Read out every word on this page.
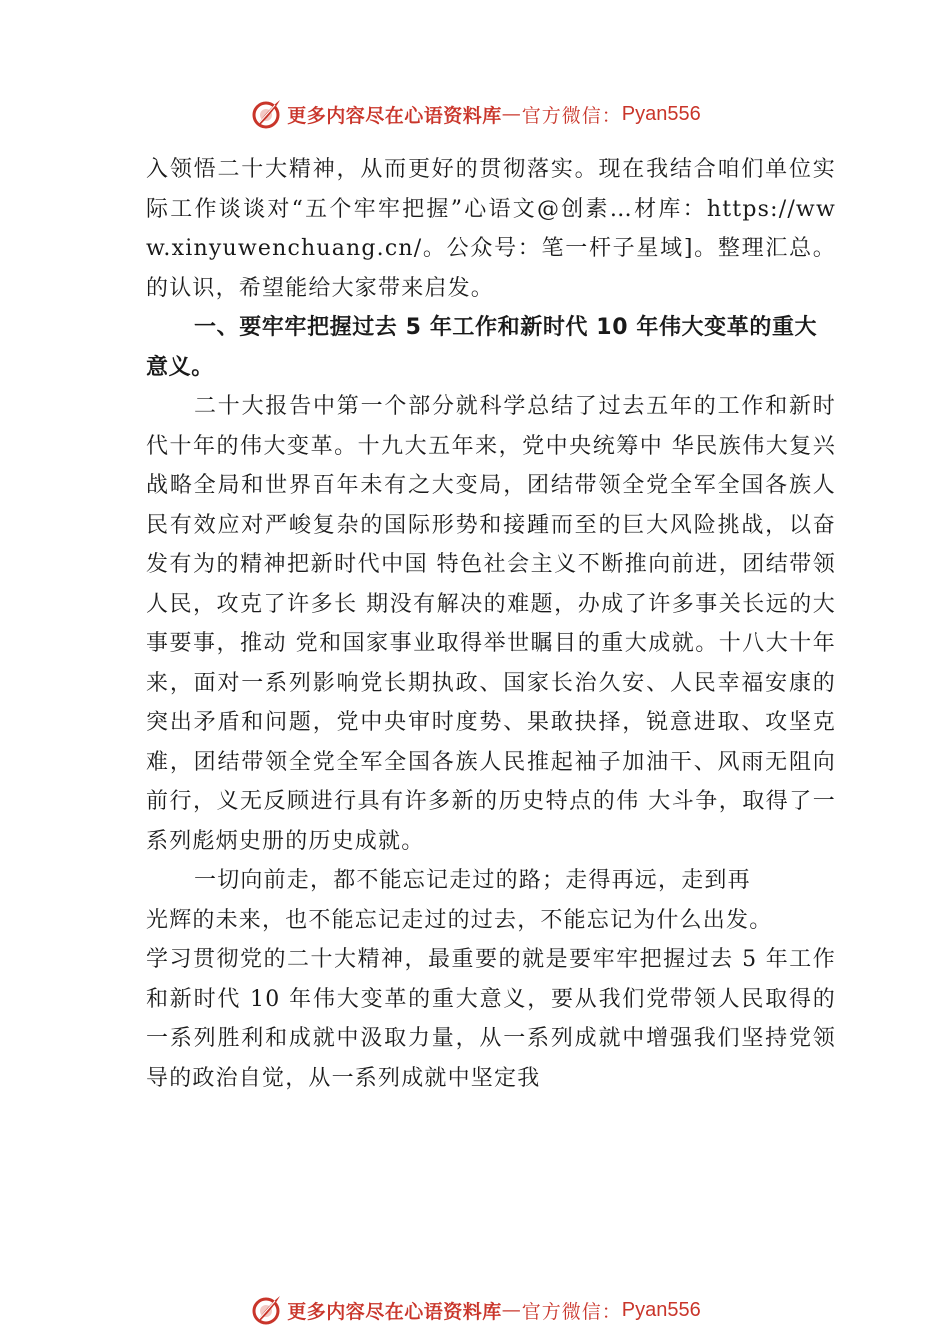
更多内容尽在心语资料库 — 官方微信： Pyan556

入领悟二十大精神，从而更好的贯彻落实。现在我结合咱们单位实际工作谈谈对“五个牢牢把握”心语文@创素…材库：https://www.xinyuwenchuang.cn/。公众号：笔一杆子星域]。整理汇总。的认识，希望能给大家带来启发。

一、要牢牢把握过去 5 年工作和新时代 10 年伟大变革的重大意义。

二十大报告中第一个部分就科学总结了过去五年的工作和新时代十年的伟大变革。十九大五年来，党中央统筹中 华民族伟大复兴战略全局和世界百年未有之大变局，团结带领全党全军全国各族人民有效应对严峻复杂的国际形势和接踵而至的巨大风险挑战，以奋发有为的精神把新时代中国 特色社会主义不断推向前进，团结带领人民，攻克了许多长 期没有解决的难题，办成了许多事关长远的大事要事，推动 党和国家事业取得举世瞩目的重大成就。十八大十年来，面对一系列影响党长期执政、国家长治久安、人民幸福安康的突出矛盾和问题，党中央审时度势、果敢抉择，锐意进取、攻坚克难，团结带领全党全军全国各族人民推起袖子加油干、风雨无阻向前行，义无反顾进行具有许多新的历史特点的伟 大斗争，取得了一系列彪炳史册的历史成就。

一切向前走，都不能忘记走过的路；走得再远，走到再

光辉的未来，也不能忘记走过的过去，不能忘记为什么出发。

学习贯彻党的二十大精神，最重要的就是要牢牢把握过去 5 年工作和新时代 10 年伟大变革的重大意义，要从我们党带领人民取得的一系列胜利和成就中汲取力量，从一系列成就中增强我们坚持党领导的政治自觉，从一系列成就中坚定我

更多内容尽在心语资料库 — 官方微信： Pyan556
